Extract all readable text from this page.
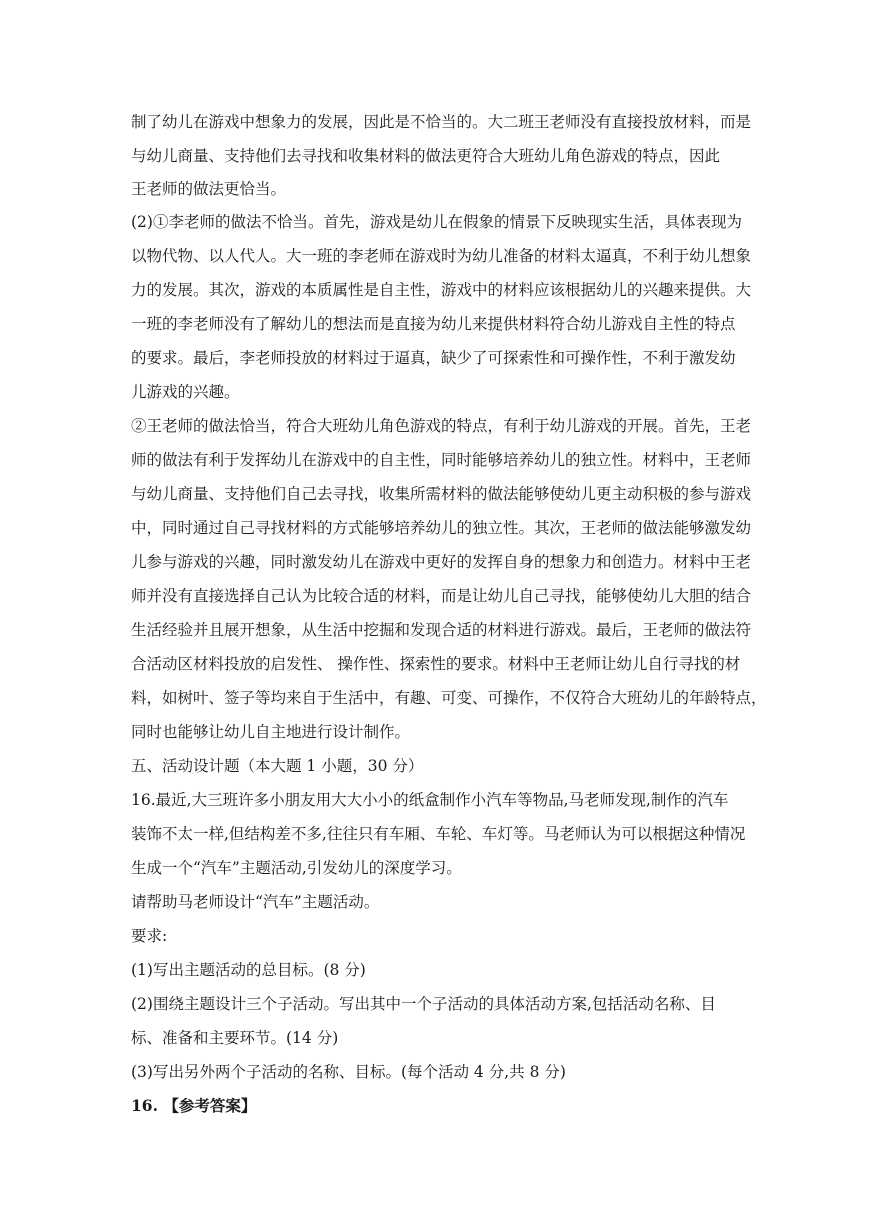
制了幼儿在游戏中想象力的发展，因此是不恰当的。大二班王老师没有直接投放材料，而是
与幼儿商量、支持他们去寻找和收集材料的做法更符合大班幼儿角色游戏的特点，因此
王老师的做法更恰当。
(2)①李老师的做法不恰当。首先，游戏是幼儿在假象的情景下反映现实生活，具体表现为
以物代物、以人代人。大一班的李老师在游戏时为幼儿准备的材料太逼真，不利于幼儿想象
力的发展。其次，游戏的本质属性是自主性，游戏中的材料应该根据幼儿的兴趣来提供。大
一班的李老师没有了解幼儿的想法而是直接为幼儿来提供材料符合幼儿游戏自主性的特点
的要求。最后，李老师投放的材料过于逼真，缺少了可探索性和可操作性，不利于激发幼
儿游戏的兴趣。
②王老师的做法恰当，符合大班幼儿角色游戏的特点，有利于幼儿游戏的开展。首先，王老
师的做法有利于发挥幼儿在游戏中的自主性，同时能够培养幼儿的独立性。材料中，王老师
与幼儿商量、支持他们自己去寻找，收集所需材料的做法能够使幼儿更主动积极的参与游戏
中，同时通过自己寻找材料的方式能够培养幼儿的独立性。其次，王老师的做法能够激发幼
儿参与游戏的兴趣，同时激发幼儿在游戏中更好的发挥自身的想象力和创造力。材料中王老
师并没有直接选择自己认为比较合适的材料，而是让幼儿自己寻找，能够使幼儿大胆的结合
生活经验并且展开想象，从生活中挖掘和发现合适的材料进行游戏。最后，王老师的做法符
合活动区材料投放的启发性、 操作性、探索性的要求。材料中王老师让幼儿自行寻找的材
料，如树叶、签子等均来自于生活中，有趣、可变、可操作，不仅符合大班幼儿的年龄特点，
同时也能够让幼儿自主地进行设计制作。
五、活动设计题（本大题 1 小题，30 分）
16.最近,大三班许多小朋友用大大小小的纸盒制作小汽车等物品,马老师发现,制作的汽车
装饰不太一样,但结构差不多,往往只有车厢、车轮、车灯等。马老师认为可以根据这种情况
生成一个“汽车”主题活动,引发幼儿的深度学习。
请帮助马老师设计“汽车”主题活动。
要求:
(1)写出主题活动的总目标。(8 分)
(2)围绕主题设计三个子活动。写出其中一个子活动的具体活动方案,包括活动名称、目
标、准备和主要环节。(14 分)
(3)写出另外两个子活动的名称、目标。(每个活动 4 分,共 8 分)
16. 【参考答案】
